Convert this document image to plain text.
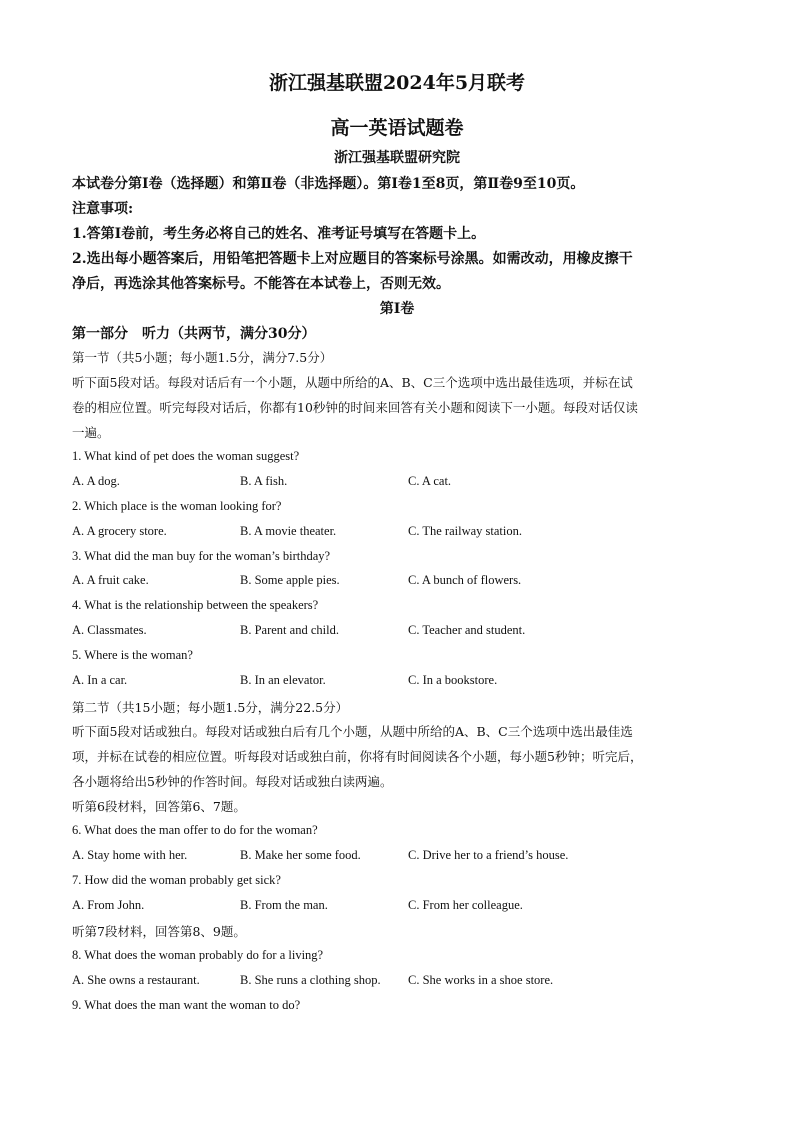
浙江强基联盟2024年5月联考
高一英语试题卷
浙江强基联盟研究院
本试卷分第Ⅰ卷（选择题）和第Ⅱ卷（非选择题）。第Ⅰ卷1至8页，第Ⅱ卷9至10页。
注意事项:
1.答第Ⅰ卷前，考生务必将自己的姓名、准考证号填写在答题卡上。
2.选出每小题答案后，用铅笔把答题卡上对应题目的答案标号涂黑。如需改动，用橡皮擦干
净后，再选涂其他答案标号。不能答在本试卷上，否则无效。
第Ⅰ卷
第一部分　听力（共两节，满分30分）
第一节（共5小题；每小题1.5分，满分7.5分）
听下面5段对话。每段对话后有一个小题，从题中所给的A、B、C三个选项中选出最佳选项，并标在试
卷的相应位置。听完每段对话后，你都有10秒钟的时间来回答有关小题和阅读下一小题。每段对话仅读
一遍。
1. What kind of pet does the woman suggest?
A. A dog.	B. A fish.	C. A cat.
2. Which place is the woman looking for?
A. A grocery store.	B. A movie theater.	C. The railway station.
3. What did the man buy for the woman’s birthday?
A. A fruit cake.	B. Some apple pies.	C. A bunch of flowers.
4. What is the relationship between the speakers?
A. Classmates.	B. Parent and child.	C. Teacher and student.
5. Where is the woman?
A. In a car.	B. In an elevator.	C. In a bookstore.
第二节（共15小题；每小题1.5分，满分22.5分）
听下面5段对话或独白。每段对话或独白后有几个小题，从题中所给的A、B、C三个选项中选出最佳选
项，并标在试卷的相应位置。听每段对话或独白前，你将有时间阅读各个小题，每小题5秒钟；听完后，
各小题将给出5秒钟的作答时间。每段对话或独白读两遍。
听第6段材料，回答第6、7题。
6. What does the man offer to do for the woman?
A. Stay home with her.	B. Make her some food.	C. Drive her to a friend’s house.
7. How did the woman probably get sick?
A. From John.	B. From the man.	C. From her colleague.
听第7段材料，回答第8、9题。
8. What does the woman probably do for a living?
A. She owns a restaurant.	B. She runs a clothing shop. C. She works in a shoe store.
9. What does the man want the woman to do?
